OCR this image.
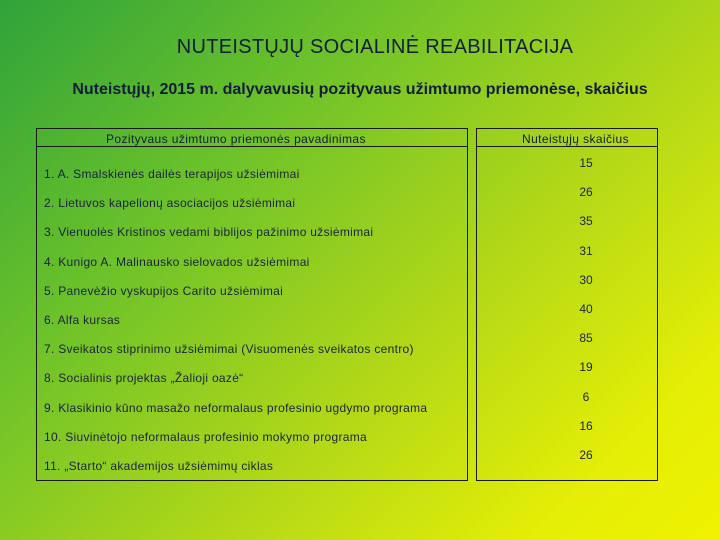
NUTEISTŲJŲ SOCIALINĖ REABILITACIJA
Nuteistųjų, 2015 m. dalyvavusių pozityvaus užimtumo priemonėse, skaičius
Pozityvaus užimtumo priemonės pavadinimas	Nuteistųjų skaičius
1. A. Smalskienės dailės terapijos užsiėmimai
15
2. Lietuvos kapelionų asociacijos užsiėmimai
26
3. Vienuolės Kristinos vedami biblijos pažinimo užsiėmimai
35
4. Kunigo A. Malinausko sielovados užsiėmimai
31
5. Panevėžio vyskupijos Carito užsiėmimai
30
6. Alfa kursas
40
7. Sveikatos stiprinimo užsiėmimai (Visuomenės sveikatos centro)
85
8. Socialinis projektas „Žalioji oazė“
19
9. Klasikinio kūno masažo neformalaus profesinio ugdymo programa
6
10. Siuvinėtojo neformalaus profesinio mokymo programa
16
11. „Starto“ akademijos užsiėmimų ciklas
26
